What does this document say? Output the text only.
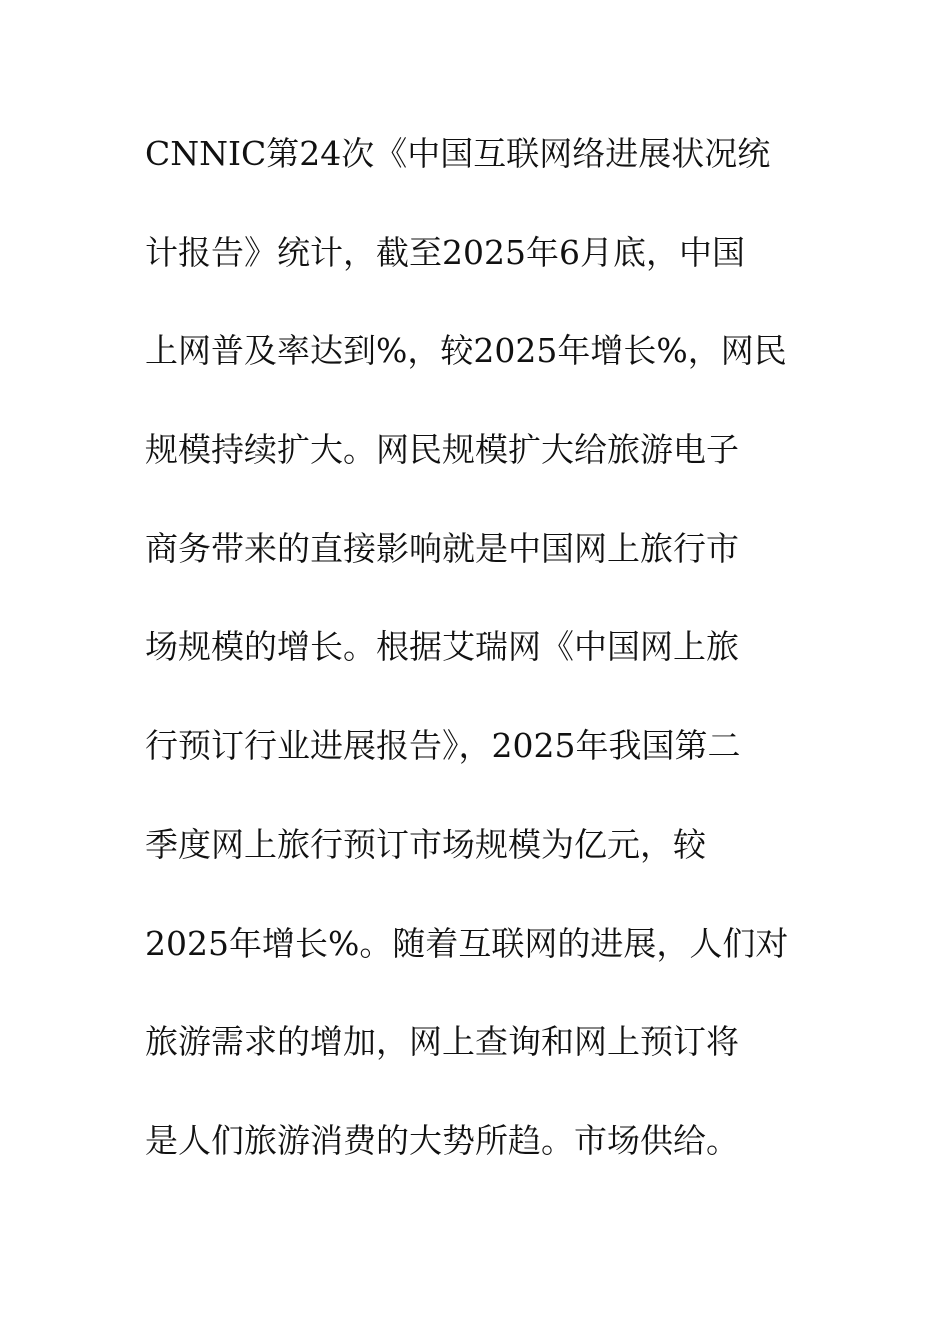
CNNIC第24次《中国互联网络进展状况统
计报告》统计，截至2025年6月底，中国
上网普及率达到%，较2025年增长%，网民
规模持续扩大。网民规模扩大给旅游电子
商务带来的直接影响就是中国网上旅行市
场规模的增长。根据艾瑞网《中国网上旅
行预订行业进展报告》，2025年我国第二
季度网上旅行预订市场规模为亿元，较
2025年增长%。随着互联网的进展，人们对
旅游需求的增加，网上查询和网上预订将
是人们旅游消费的大势所趋。市场供给。
